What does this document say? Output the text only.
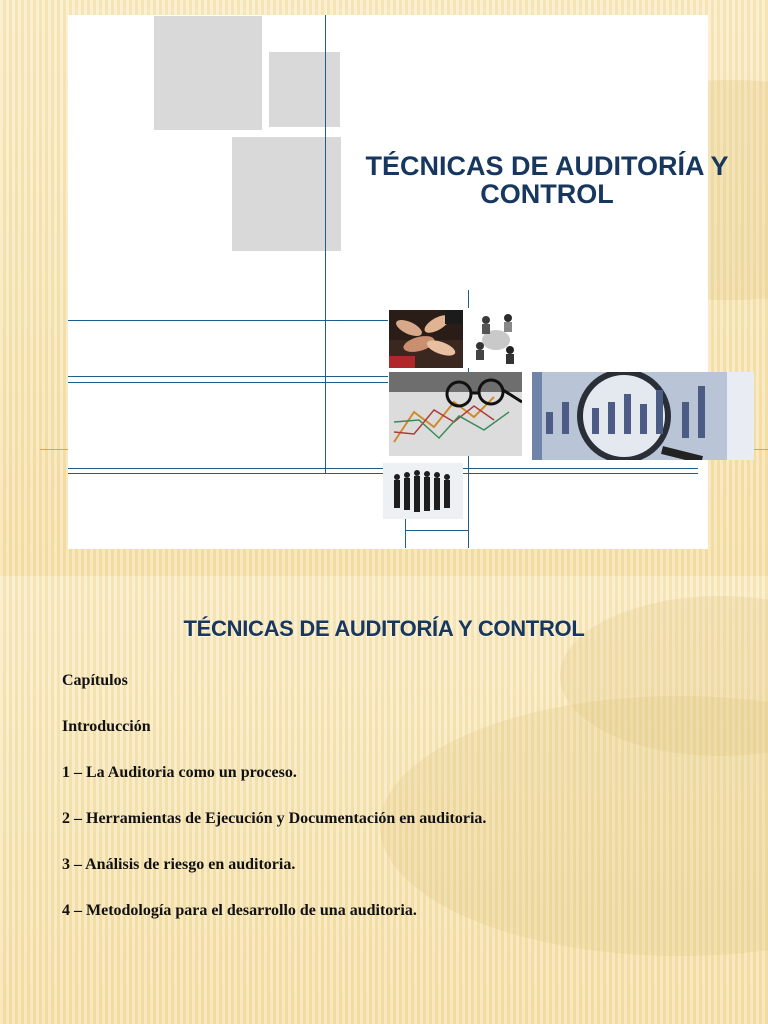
TÉCNICAS DE AUDITORÍA Y
CONTROL
TÉCNICAS DE AUDITORÍA Y CONTROL
Capítulos
Introducción
1 – La Auditoria como un proceso.
2 – Herramientas de Ejecución y Documentación en auditoria.
3 – Análisis de riesgo en auditoria.
4 – Metodología para el desarrollo de una auditoria.
